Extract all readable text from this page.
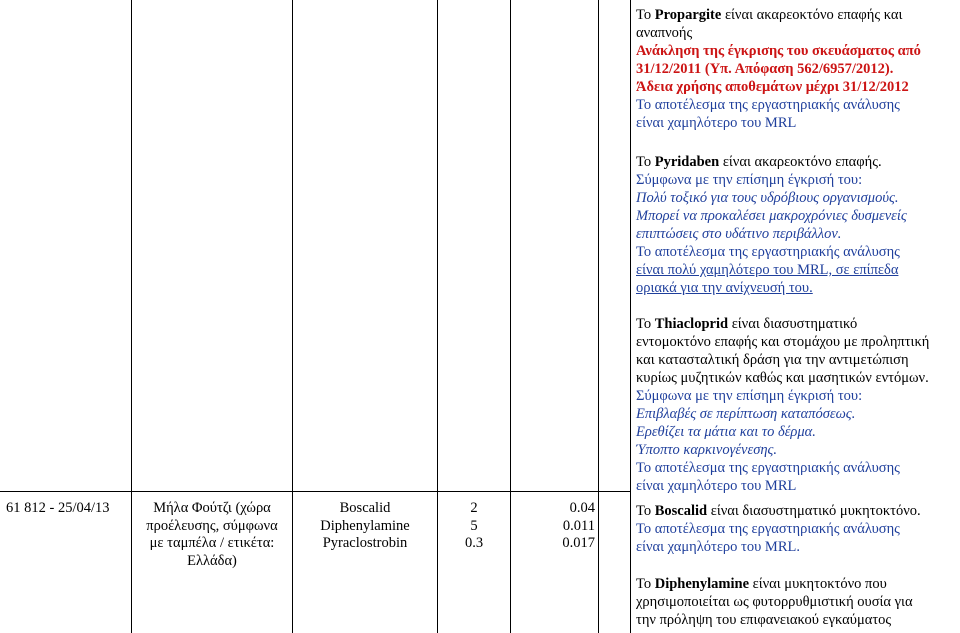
61 812 - 25/04/13	Μήλα Φούτζι (χώρα
προέλευσης, σύμφωνα
με ταμπέλα / ετικέτα:
Ελλάδα)
Boscalid
Diphenylamine
Pyraclostrobin
2
5
0.3
0.04
0.011
0.017
Το Propargite είναι ακαρεοκτόνο επαφής και
αναπνοής
Ανάκληση της έγκρισης του σκευάσματος από
31/12/2011 (Υπ. Απόφαση 562/6957/2012).
Άδεια χρήσης αποθεμάτων μέχρι 31/12/2012
Το αποτέλεσμα της εργαστηριακής ανάλυσης
είναι χαμηλότερο του MRL
Το Pyridaben είναι ακαρεοκτόνο επαφής.
Σύμφωνα με την επίσημη έγκρισή του:
Πολύ τοξικό για τους υδρόβιους οργανισμούς.
Μπορεί να προκαλέσει μακροχρόνιες δυσμενείς
επιπτώσεις στο υδάτινο περιβάλλον.
Το αποτέλεσμα της εργαστηριακής ανάλυσης
είναι πολύ χαμηλότερο του MRL, σε επίπεδα
οριακά για την ανίχνευσή του.
Το Thiacloprid είναι διασυστηματικό
εντομοκτόνο επαφής και στομάχου με προληπτική
και κατασταλτική δράση για την αντιμετώπιση
κυρίως μυζητικών καθώς και μασητικών εντόμων.
Σύμφωνα με την επίσημη έγκρισή του:
Επιβλαβές σε περίπτωση καταπόσεως.
Ερεθίζει τα μάτια και το δέρμα.
Ύποπτο καρκινογένεσης.
Το αποτέλεσμα της εργαστηριακής ανάλυσης
είναι χαμηλότερο του MRL
Το Boscalid είναι διασυστηματικό μυκητοκτόνο.
Το αποτέλεσμα της εργαστηριακής ανάλυσης
είναι χαμηλότερο του MRL.
Το Diphenylamine είναι μυκητοκτόνο που
χρησιμοποιείται ως φυτορρυθμιστική ουσία για
την πρόληψη του επιφανειακού εγκαύματος
